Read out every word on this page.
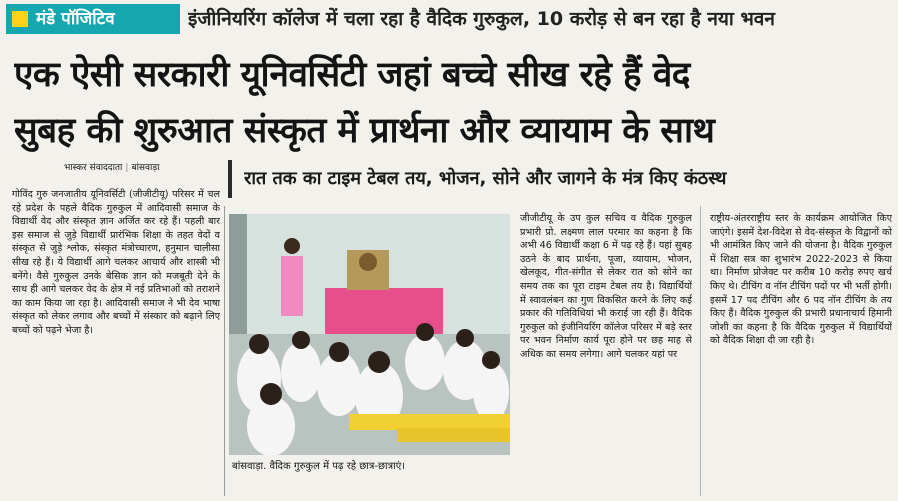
मंडे पॉजिटिव	इंजीनियरिंग कॉलेज में चला रहा है वैदिक गुरुकुल, 10 करोड़ से बन रहा है नया भवन
एक ऐसी सरकारी यूनिवर्सिटी जहां बच्चे सीख रहे हैं वेद
सुबह की शुरुआत संस्कृत में प्रार्थना और व्यायाम के साथ
भास्कर संवाददाता | बांसवाड़ा	रात तक का टाइम टेबल तय, भोजन, सोने और जागने के मंत्र किए कंठस्थ
गोविंद गुरु जनजातीय यूनिवर्सिटी (जीजीटीयू) परिसर में चल रहे प्रदेश के पहले वैदिक गुरुकुल में आदिवासी समाज के विद्यार्थी वेद और संस्कृत ज्ञान अर्जित कर रहे हैं। पहली बार इस समाज से जुड़े विद्यार्थी प्रारंभिक शिक्षा के तहत वेदों व संस्कृत से जुड़े श्लोक, संस्कृत मंत्रोच्चारण, हनुमान चालीसा सीख रहे हैं। ये विद्यार्थी आगे चलकर आचार्य और शास्त्री भी बनेंगे। वैसे गुरुकुल उनके बेसिक ज्ञान को मजबूती देने के साथ ही आगे चलकर वेद के क्षेत्र में नई प्रतिभाओं को तराशने का काम किया जा रहा है। आदिवासी समाज ने भी देव भाषा संस्कृत को लेकर लगाव और बच्चों में संस्कार को बढ़ाने लिए बच्चों को पढ़ने भेजा है।
बांसवाड़ा. वैदिक गुरुकुल में पढ़ रहे छात्र-छात्राएं।
जीजीटीयू के उप कुल सचिव व वैदिक गुरुकुल प्रभारी प्रो. लक्ष्मण लाल परमार का कहना है कि अभी 46 विद्यार्थी कक्षा 6 में पढ़ रहे हैं। यहां सुबह उठने के बाद प्रार्थना, पूजा, व्यायाम, भोजन, खेलकूद, गीत-संगीत से लेकर रात को सोने का समय तक का पूरा टाइम टेबल तय है। विद्यार्थियों में स्वावलंबन का गुण विकसित करने के लिए कई प्रकार की गतिविधियां भी कराई जा रही हैं। वैदिक गुरुकुल को इंजीनियरिंग कॉलेज परिसर में बड़े स्तर पर भवन निर्माण कार्य पूरा होने पर छह माह से अधिक का समय लगेगा। आगे चलकर यहां पर
राष्ट्रीय-अंतरराष्ट्रीय स्तर के कार्यक्रम आयोजित किए जाएंगे। इसमें देश-विदेश से वेद-संस्कृत के विद्वानों को भी आमंत्रित किए जाने की योजना है। वैदिक गुरुकुल में शिक्षा सत्र का शुभारंभ 2022-2023 से किया था। निर्माण प्रोजेक्ट पर करीब 10 करोड़ रुपए खर्च किए थे। टीचिंग व नॉन टीचिंग पदों पर भी भर्ती होगी। इसमें 17 पद टीचिंग और 6 पद नॉन टीचिंग के तय किए हैं। वैदिक गुरुकुल की प्रभारी प्रधानाचार्य हिमानी जोशी का कहना है कि वैदिक गुरुकुल में विद्यार्थियों को वैदिक शिक्षा दी जा रही है।
